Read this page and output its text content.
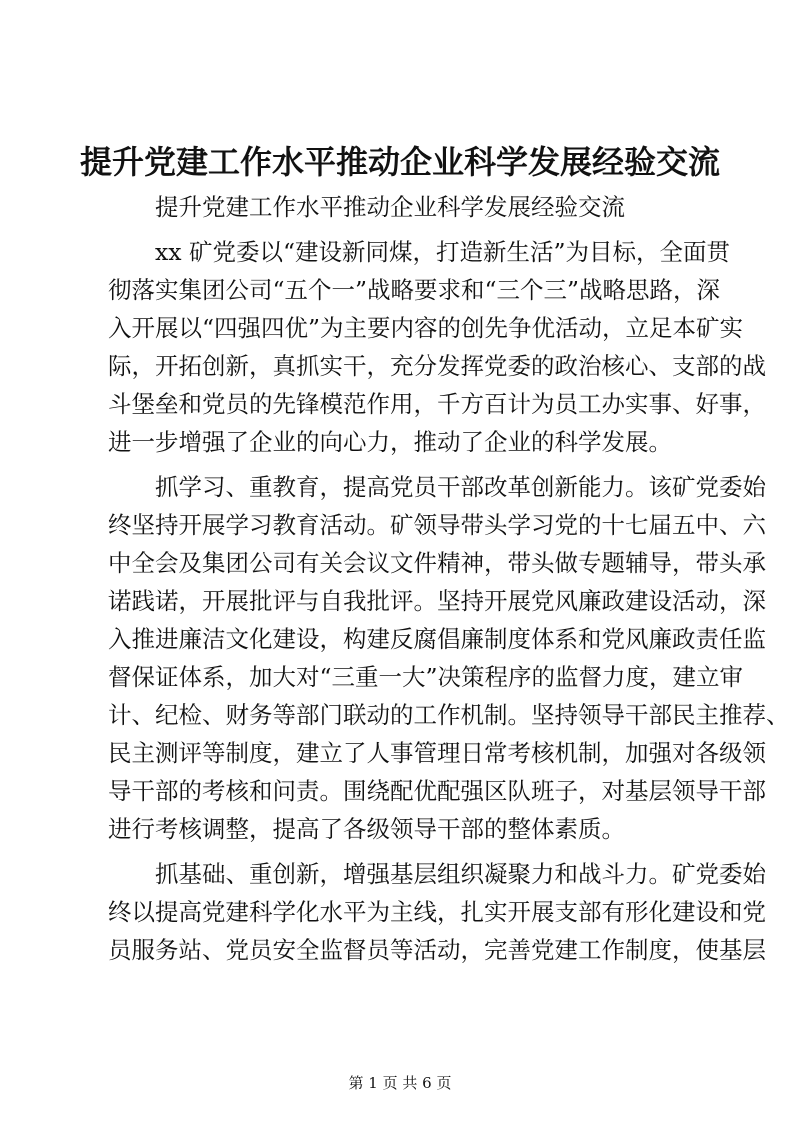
提升党建工作水平推动企业科学发展经验交流
提升党建工作水平推动企业科学发展经验交流
xx 矿党委以“建设新同煤，打造新生活”为目标，全面贯
彻落实集团公司“五个一”战略要求和“三个三”战略思路，深
入开展以“四强四优”为主要内容的创先争优活动，立足本矿实
际，开拓创新，真抓实干，充分发挥党委的政治核心、支部的战
斗堡垒和党员的先锋模范作用，千方百计为员工办实事、好事，
进一步增强了企业的向心力，推动了企业的科学发展。
抓学习、重教育，提高党员干部改革创新能力。该矿党委始
终坚持开展学习教育活动。矿领导带头学习党的十七届五中、六
中全会及集团公司有关会议文件精神，带头做专题辅导，带头承
诺践诺，开展批评与自我批评。坚持开展党风廉政建设活动，深
入推进廉洁文化建设，构建反腐倡廉制度体系和党风廉政责任监
督保证体系，加大对“三重一大”决策程序的监督力度，建立审
计、纪检、财务等部门联动的工作机制。坚持领导干部民主推荐、
民主测评等制度，建立了人事管理日常考核机制，加强对各级领
导干部的考核和问责。围绕配优配强区队班子，对基层领导干部
进行考核调整，提高了各级领导干部的整体素质。
抓基础、重创新，增强基层组织凝聚力和战斗力。矿党委始
终以提高党建科学化水平为主线，扎实开展支部有形化建设和党
员服务站、党员安全监督员等活动，完善党建工作制度，使基层
第 1 页 共 6 页
